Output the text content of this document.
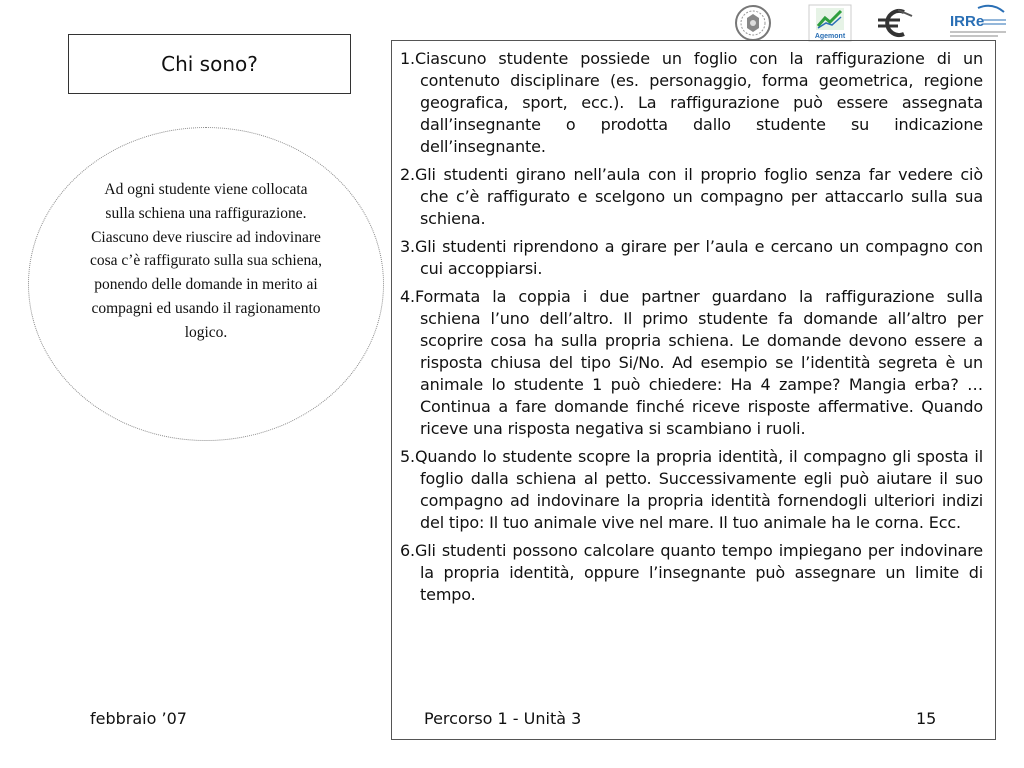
Agemont
IRRe
Chi sono?

Ad ogni studente viene collocata sulla schiena una raffigurazione. Ciascuno deve riuscire ad indovinare cosa c’è raffigurato sulla sua schiena, ponendo delle domande in merito ai compagni ed usando il ragionamento logico.

1.Ciascuno studente possiede un foglio con la raffigurazione di un contenuto disciplinare (es. personaggio, forma geometrica, regione geografica, sport, ecc.). La raffigurazione può essere assegnata dall’insegnante o prodotta dallo studente su indicazione dell’insegnante.
2.Gli studenti girano nell’aula con il proprio foglio senza far vedere ciò che c’è raffigurato e scelgono un compagno per attaccarlo sulla sua schiena.
3.Gli studenti riprendono a girare per l’aula e cercano un compagno con cui accoppiarsi.
4.Formata la coppia i due partner guardano la raffigurazione sulla schiena l’uno dell’altro. Il primo studente fa domande all’altro per scoprire cosa ha sulla propria schiena. Le domande devono essere a risposta chiusa del tipo Si/No. Ad esempio se l’identità segreta è un animale lo studente 1 può chiedere: Ha 4 zampe? Mangia erba? … Continua a fare domande finché riceve risposte affermative. Quando riceve una risposta negativa si scambiano i ruoli.
5.Quando lo studente scopre la propria identità, il compagno gli sposta il foglio dalla schiena al petto. Successivamente egli può aiutare il suo compagno ad indovinare la propria identità fornendogli ulteriori indizi del tipo: Il tuo animale vive nel mare. Il tuo animale ha le corna. Ecc.
6.Gli studenti possono calcolare quanto tempo impiegano per indovinare la propria identità, oppure l’insegnante può assegnare un limite di tempo.
febbraio ’07	Percorso 1 - Unità 3	15
